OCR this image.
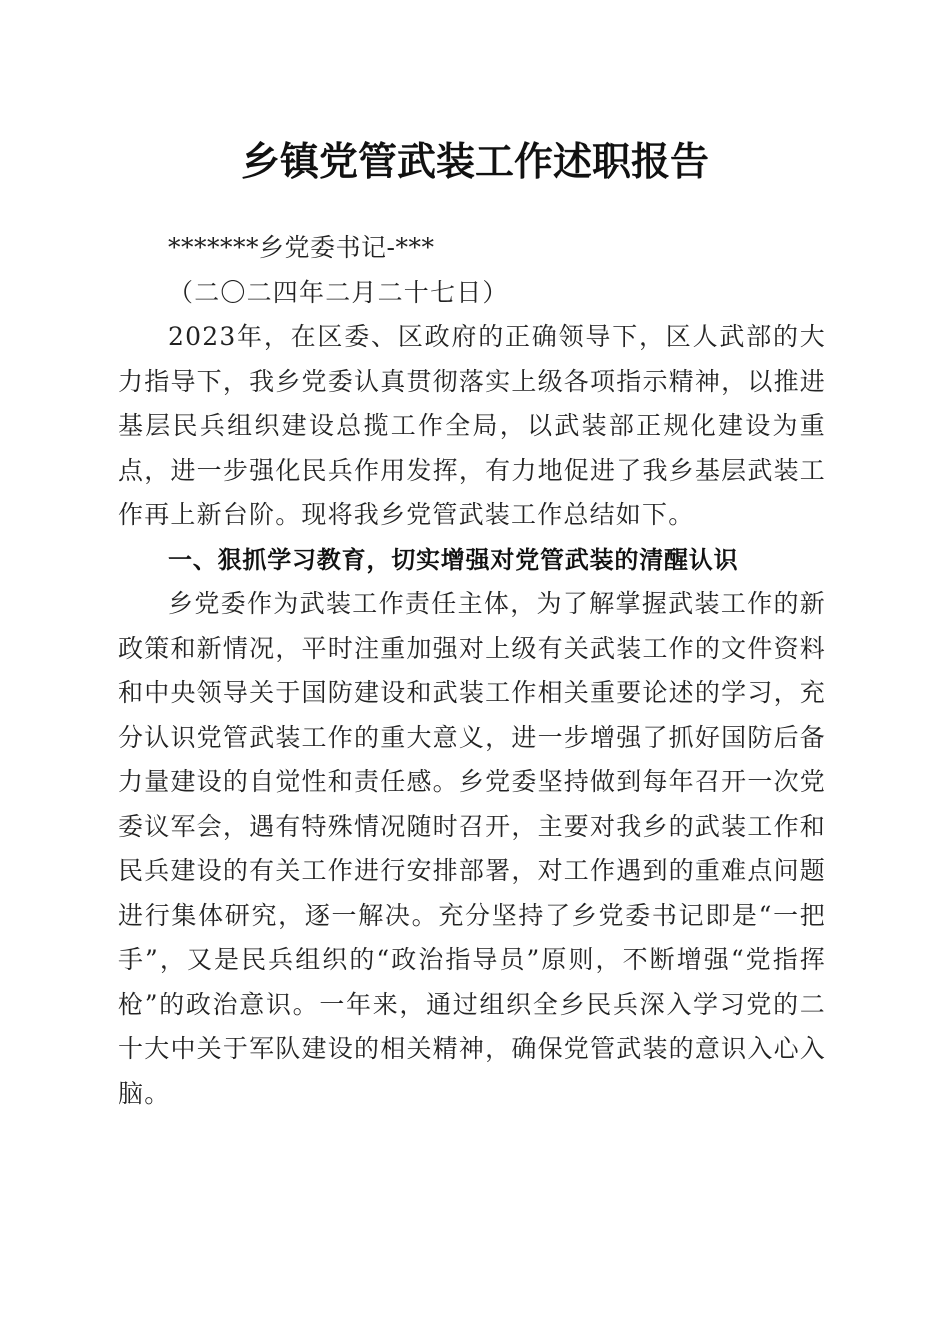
乡镇党管武装工作述职报告

*******乡党委书记-***

（二〇二四年二月二十七日）

2023年，在区委、区政府的正确领导下，区人武部的大力指导下，我乡党委认真贯彻落实上级各项指示精神，以推进基层民兵组织建设总揽工作全局，以武装部正规化建设为重点，进一步强化民兵作用发挥，有力地促进了我乡基层武装工作再上新台阶。现将我乡党管武装工作总结如下。

一、狠抓学习教育，切实增强对党管武装的清醒认识

乡党委作为武装工作责任主体，为了解掌握武装工作的新政策和新情况，平时注重加强对上级有关武装工作的文件资料和中央领导关于国防建设和武装工作相关重要论述的学习，充分认识党管武装工作的重大意义，进一步增强了抓好国防后备力量建设的自觉性和责任感。乡党委坚持做到每年召开一次党委议军会，遇有特殊情况随时召开，主要对我乡的武装工作和民兵建设的有关工作进行安排部署，对工作遇到的重难点问题进行集体研究，逐一解决。充分坚持了乡党委书记即是“一把手”，又是民兵组织的“政治指导员”原则，不断增强“党指挥枪”的政治意识。一年来，通过组织全乡民兵深入学习党的二十大中关于军队建设的相关精神，确保党管武装的意识入心入脑。
